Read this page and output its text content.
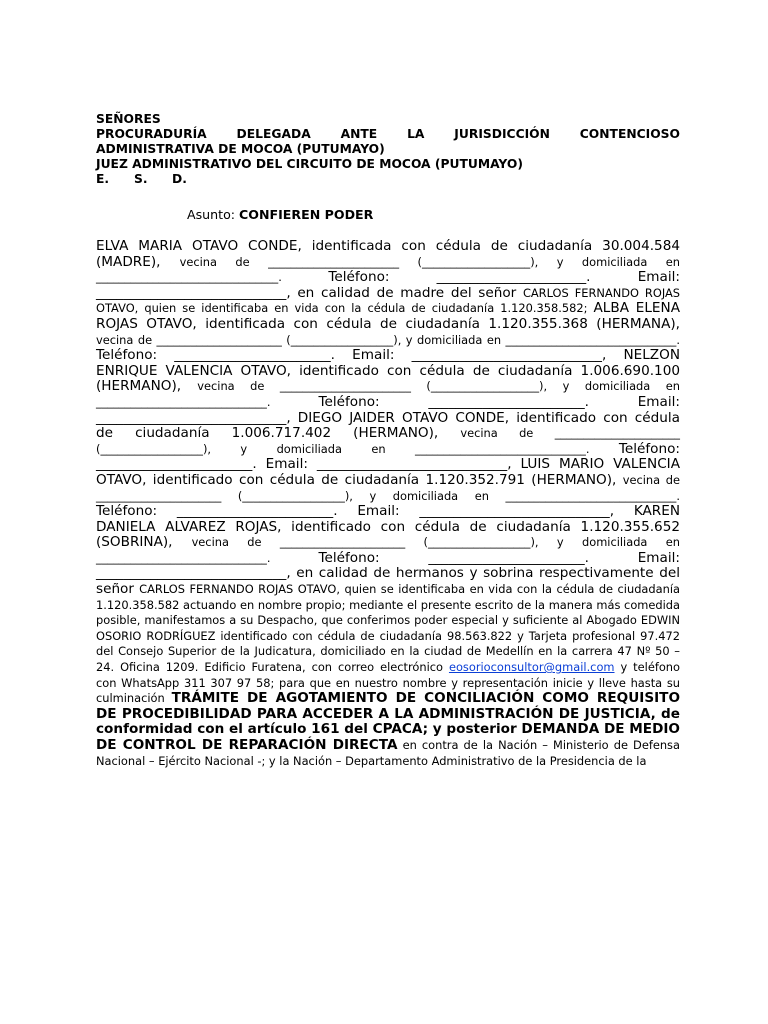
SEÑORES
PROCURADURÍA DELEGADA ANTE LA JURISDICCIÓN CONTENCIOSO
ADMINISTRATIVA DE MOCOA (PUTUMAYO)
JUEZ ADMINISTRATIVO DEL CIRCUITO DE MOCOA (PUTUMAYO)
E. S. D.
Asunto: CONFIEREN PODER
ELVA MARIA OTAVO CONDE, identificada con cédula de ciudadanía 30.004.584 (MADRE), vecina de _______________________ (___________________), y domiciliada en ________________________________. Teléfono: ______________________. Email: ____________________________, en calidad de madre del señor CARLOS FERNANDO ROJAS OTAVO, quien se identificaba en vida con la cédula de ciudadanía 1.120.358.582; ALBA ELENA ROJAS OTAVO, identificada con cédula de ciudadanía 1.120.355.368 (HERMANA), vecina de ______________________ (__________________), y domiciliada en ______________________________. Teléfono: _______________________. Email: ____________________________, NELZON ENRIQUE VALENCIA OTAVO, identificado con cédula de ciudadanía 1.006.690.100 (HERMANO), vecina de _______________________ (___________________), y domiciliada en ______________________________. Teléfono: _______________________. Email: ____________________________, DIEGO JAIDER OTAVO CONDE, identificado con cédula de ciudadanía 1.006.717.402 (HERMANO), vecina de ______________________ (__________________), y domiciliada en ______________________________. Teléfono: _______________________. Email: ____________________________, LUIS MARIO VALENCIA OTAVO, identificado con cédula de ciudadanía 1.120.352.791 (HERMANO), vecina de ______________________ (__________________), y domiciliada en ______________________________. Teléfono: _______________________. Email: ____________________________, KAREN DANIELA ALVAREZ ROJAS, identificado con cédula de ciudadanía 1.120.355.652 (SOBRINA), vecina de ______________________ (__________________), y domiciliada en ______________________________. Teléfono: _______________________. Email: ____________________________, en calidad de hermanos y sobrina respectivamente del señor CARLOS FERNANDO ROJAS OTAVO, quien se identificaba en vida con la cédula de ciudadanía 1.120.358.582 actuando en nombre propio; mediante el presente escrito de la manera más comedida posible, manifestamos a su Despacho, que conferimos poder especial y suficiente al Abogado EDWIN OSORIO RODRÍGUEZ identificado con cédula de ciudadanía 98.563.822 y Tarjeta profesional 97.472 del Consejo Superior de la Judicatura, domiciliado en la ciudad de Medellín en la carrera 47 Nº 50 – 24. Oficina 1209. Edificio Furatena, con correo electrónico eosorioconsultor@gmail.com y teléfono con WhatsApp 311 307 97 58; para que en nuestro nombre y representación inicie y lleve hasta su culminación TRÁMITE DE AGOTAMIENTO DE CONCILIACIÓN COMO REQUISITO DE PROCEDIBILIDAD PARA ACCEDER A LA ADMINISTRACIÓN DE JUSTICIA, de conformidad con el artículo 161 del CPACA; y posterior DEMANDA DE MEDIO DE CONTROL DE REPARACIÓN DIRECTA en contra de la Nación – Ministerio de Defensa Nacional – Ejército Nacional -; y la Nación – Departamento Administrativo de la Presidencia de la
